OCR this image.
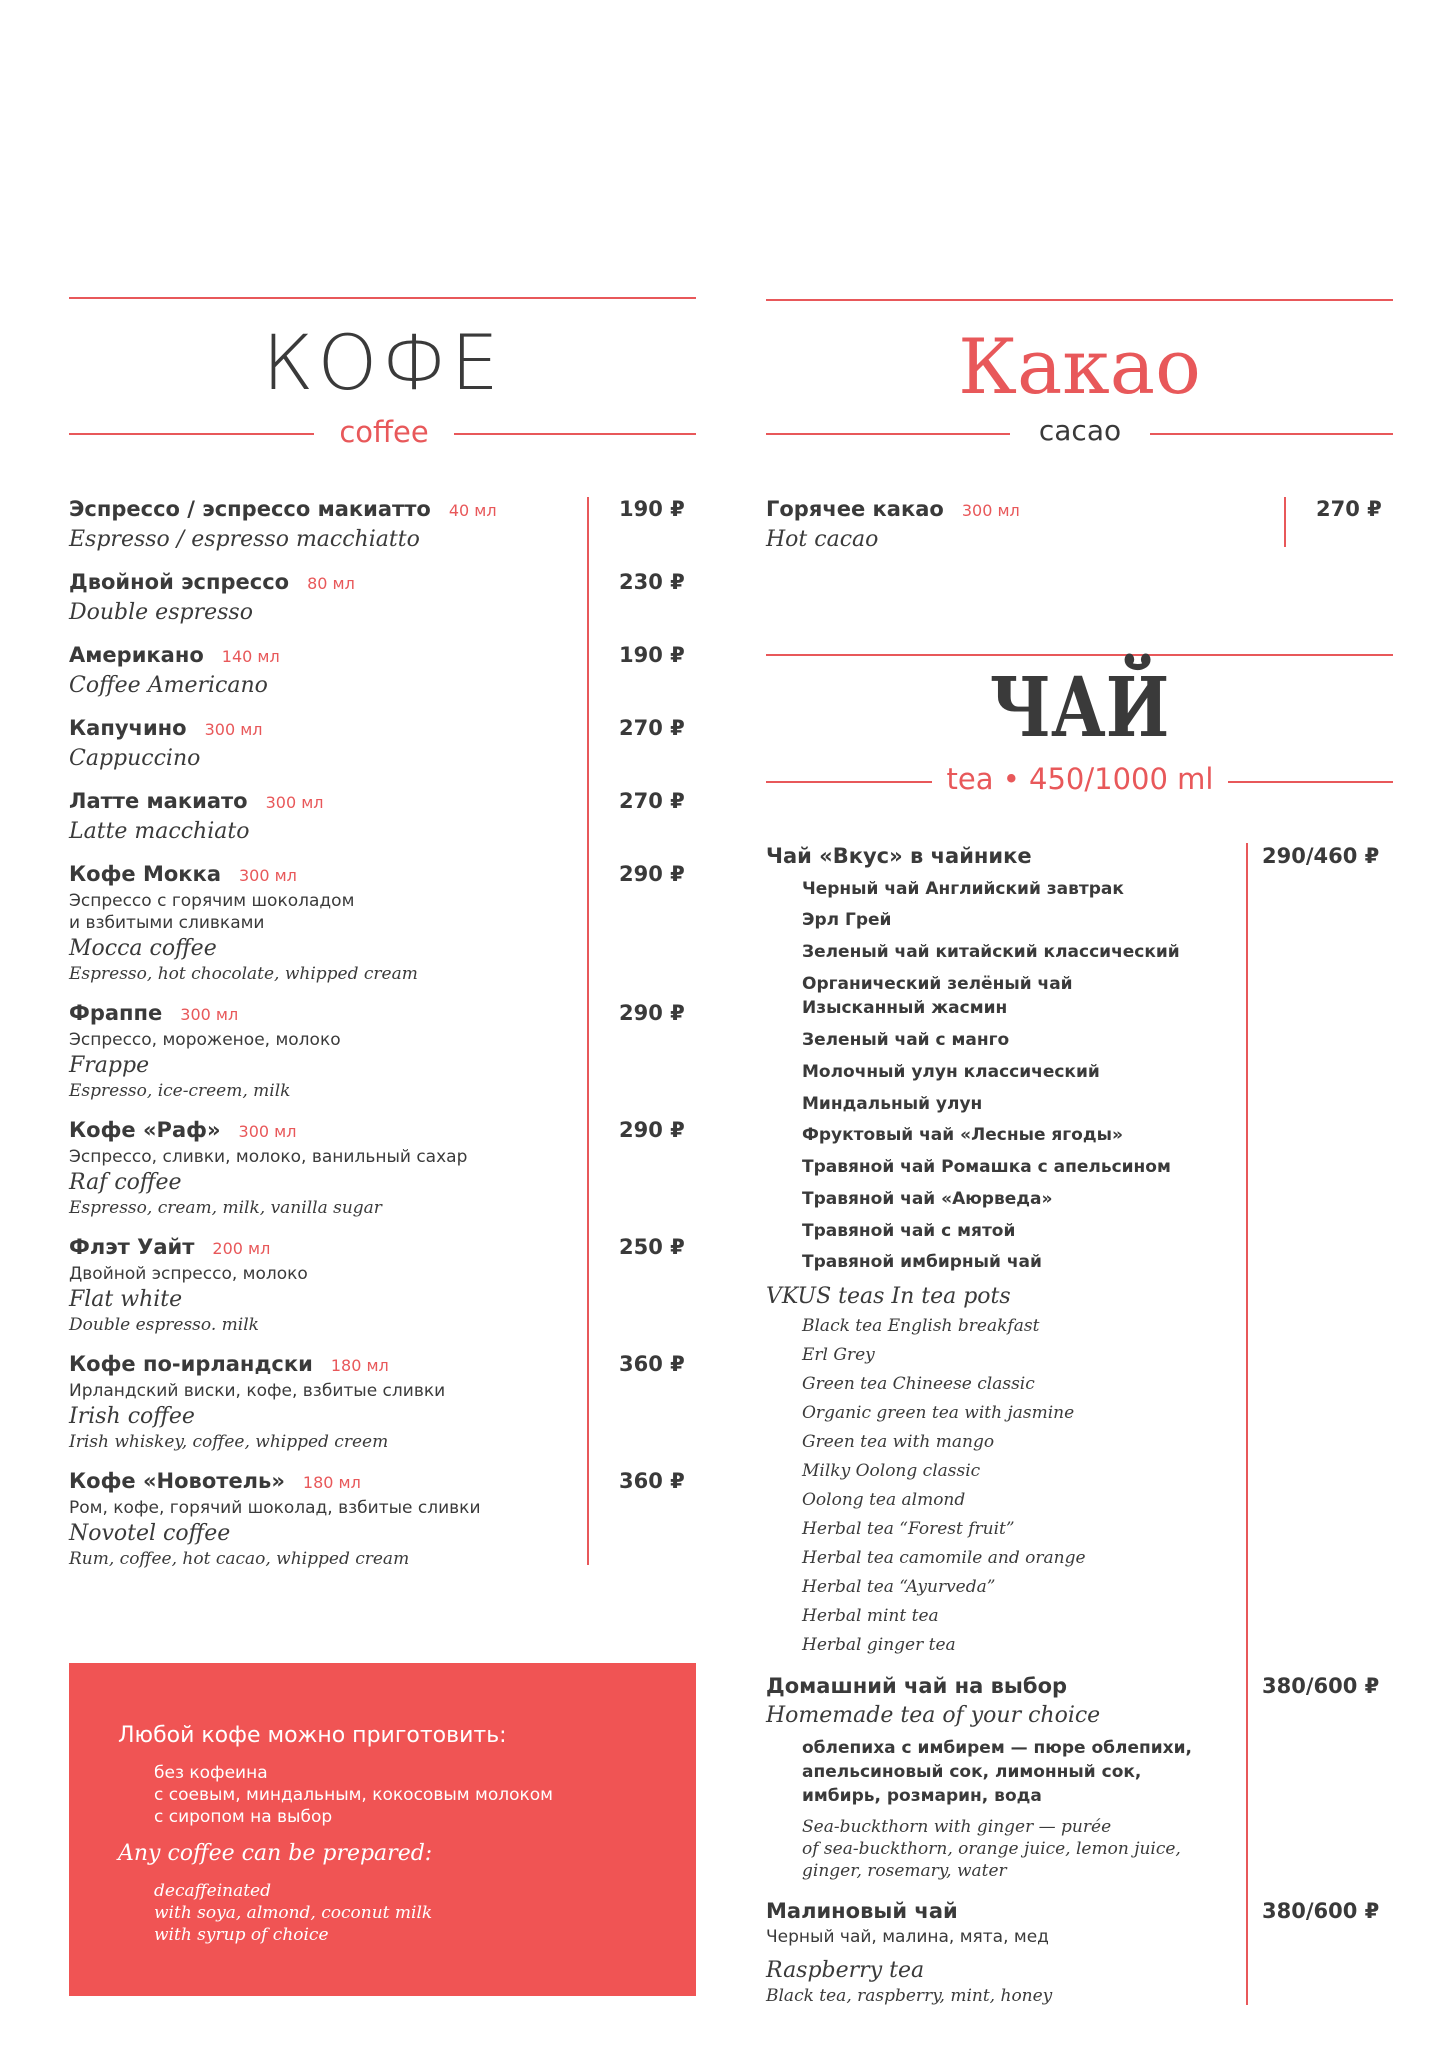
КОФЕ
coffee
Эспрессо / эспрессо макиатто 40 мл
Espresso / espresso macchiatto
190 ₽
Двойной эспрессо 80 мл
Double espresso
230 ₽
Американо 140 мл
Coffee Americano
190 ₽
Капучино 300 мл
Cappuccino
270 ₽
Латте макиато 300 мл
Latte macchiato
270 ₽
Кофе Мокка 300 мл
Эспрессо с горячим шоколадом
и взбитыми сливками
Mocca coffee
Espresso, hot chocolate, whipped cream
290 ₽
Фраппе 300 мл
Эспрессо, мороженое, молоко
Frappe
Espresso, ice-creem, milk
290 ₽
Кофе «Раф» 300 мл
Эспрессо, сливки, молоко, ванильный сахар
Raf coffee
Espresso, cream, milk, vanilla sugar
290 ₽
Флэт Уайт 200 мл
Двойной эспрессо, молоко
Flat white
Double espresso. milk
250 ₽
Кофе по-ирландски 180 мл
Ирландский виски, кофе, взбитые сливки
Irish coffee
Irish whiskey, coffee, whipped creem
360 ₽
Кофе «Новотель» 180 мл
Ром, кофе, горячий шоколад, взбитые сливки
Novotel coffee
Rum, coffee, hot cacao, whipped cream
360 ₽
Любой кофе можно приготовить:
без кофеина
с соевым, миндальным, кокосовым молоком
с сиропом на выбор
Any coffee can be prepared:
decaffeinated
with soya, almond, coconut milk
with syrup of choice
Какао
cacao
Горячее какао 300 мл
Hot cacao
270 ₽
ЧАЙ
tea • 450/1000 ml
Чай «Вкус» в чайнике	290/460 ₽
Черный чай Английский завтрак
Эрл Грей
Зеленый чай китайский классический
Органический зелёный чай
Изысканный жасмин
Зеленый чай с манго
Молочный улун классический
Миндальный улун
Фруктовый чай «Лесные ягоды»
Травяной чай Ромашка с апельсином
Травяной чай «Аюрведа»
Травяной чай с мятой
Травяной имбирный чай
VKUS teas In tea pots
Black tea English breakfast
Erl Grey
Green tea Chineese classic
Organic green tea with jasmine
Green tea with mango
Milky Oolong classic
Oolong tea almond
Herbal tea “Forest fruit”
Herbal tea camomile and orange
Herbal tea “Ayurveda”
Herbal mint tea
Herbal ginger tea
Домашний чай на выбор
Homemade tea of your choice
380/600 ₽
облепиха с имбирем — пюре облепихи,
апельсиновый сок, лимонный сок,
имбирь, розмарин, вода
Sea-buckthorn with ginger — purée
of sea-buckthorn, orange juice, lemon juice,
ginger, rosemary, water
Малиновый чай
Черный чай, малина, мята, мед
Raspberry tea
Black tea, raspberry, mint, honey
380/600 ₽
